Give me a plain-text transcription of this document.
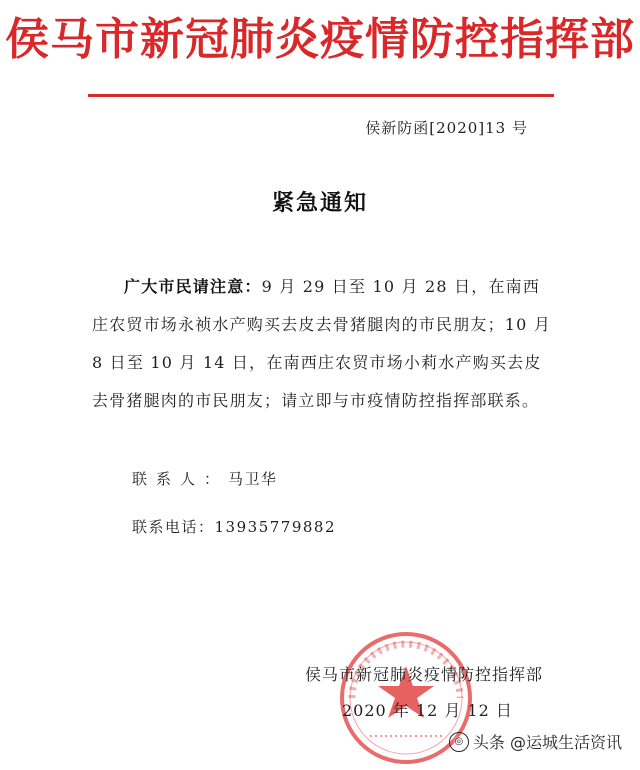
侯马市新冠肺炎疫情防控指挥部
侯新防函[2020]13 号
紧急通知
广大市民请注意：9 月 29 日至 10 月 28 日，在南西庄农贸市场永祯水产购买去皮去骨猪腿肉的市民朋友；10 月 8 日至 10 月 14 日，在南西庄农贸市场小莉水产购买去皮去骨猪腿肉的市民朋友；请立即与市疫情防控指挥部联系。
联系人：马卫华
联系电话：13935779882
侯马市新冠肺炎疫情防控指挥部
2020 年 12 月 12 日
◎ 头条 @运城生活资讯
